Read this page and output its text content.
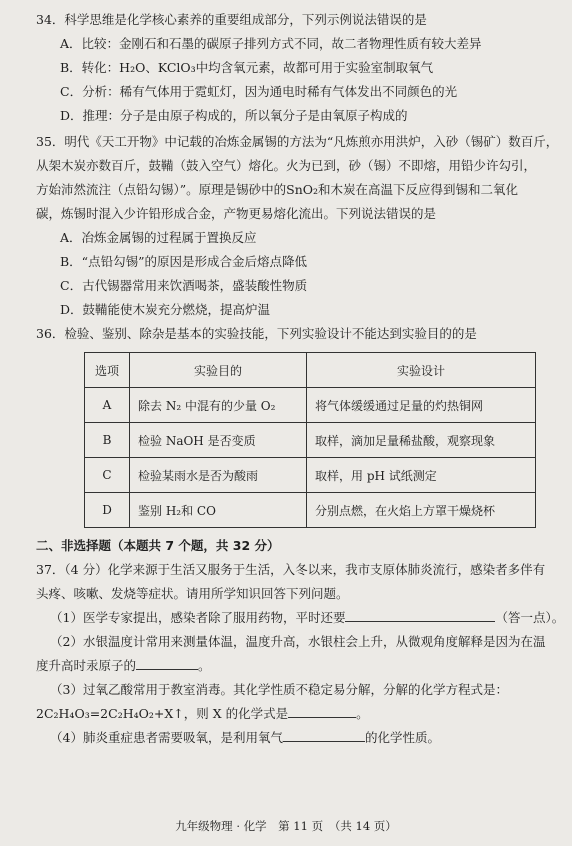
34．科学思维是化学核心素养的重要组成部分，下列示例说法错误的是
A．比较：金刚石和石墨的碳原子排列方式不同，故二者物理性质有较大差异
B．转化：H₂O、KClO₃中均含氧元素，故都可用于实验室制取氧气
C．分析：稀有气体用于霓虹灯，因为通电时稀有气体发出不同颜色的光
D．推理：分子是由原子构成的，所以氧分子是由氧原子构成的
35．明代《天工开物》中记载的冶炼金属锡的方法为“凡炼煎亦用洪炉，入砂（锡矿）数百斤，
从架木炭亦数百斤，鼓鞴（鼓入空气）熔化。火为已到，砂（锡）不即熔，用铅少许勾引，
方始沛然流注（点铅勾锡）”。原理是锡砂中的SnO₂和木炭在高温下反应得到锡和二氧化
碳，炼锡时混入少许铅形成合金，产物更易熔化流出。下列说法错误的是
A．冶炼金属锡的过程属于置换反应
B．“点铅勾锡”的原因是形成合金后熔点降低
C．古代锡器常用来饮酒喝茶，盛装酸性物质
D．鼓鞴能使木炭充分燃烧，提高炉温
36．检验、鉴别、除杂是基本的实验技能，下列实验设计不能达到实验目的的是
选项	实验目的	实验设计
A	除去 N₂ 中混有的少量 O₂	将气体缓缓通过足量的灼热铜网
B	检验 NaOH 是否变质	取样，滴加足量稀盐酸，观察现象
C	检验某雨水是否为酸雨	取样，用 pH 试纸测定
D	鉴别 H₂和 CO	分别点燃，在火焰上方罩干燥烧杯
二、非选择题（本题共 7 个题，共 32 分）
37．（4 分）化学来源于生活又服务于生活，入冬以来，我市支原体肺炎流行，感染者多伴有
头疼、咳嗽、发烧等症状。请用所学知识回答下列问题。
（1）医学专家提出，感染者除了服用药物，平时还要	（答一点）。
（2）水银温度计常用来测量体温，温度升高，水银柱会上升，从微观角度解释是因为在温
度升高时汞原子的	。
（3）过氧乙酸常用于教室消毒。其化学性质不稳定易分解，分解的化学方程式是：
2C₂H₄O₃=2C₂H₄O₂+X↑，则 X 的化学式是	。
（4）肺炎重症患者需要吸氧，是利用氧气	的化学性质。
九年级物理 · 化学　第 11 页　（共 14 页）
